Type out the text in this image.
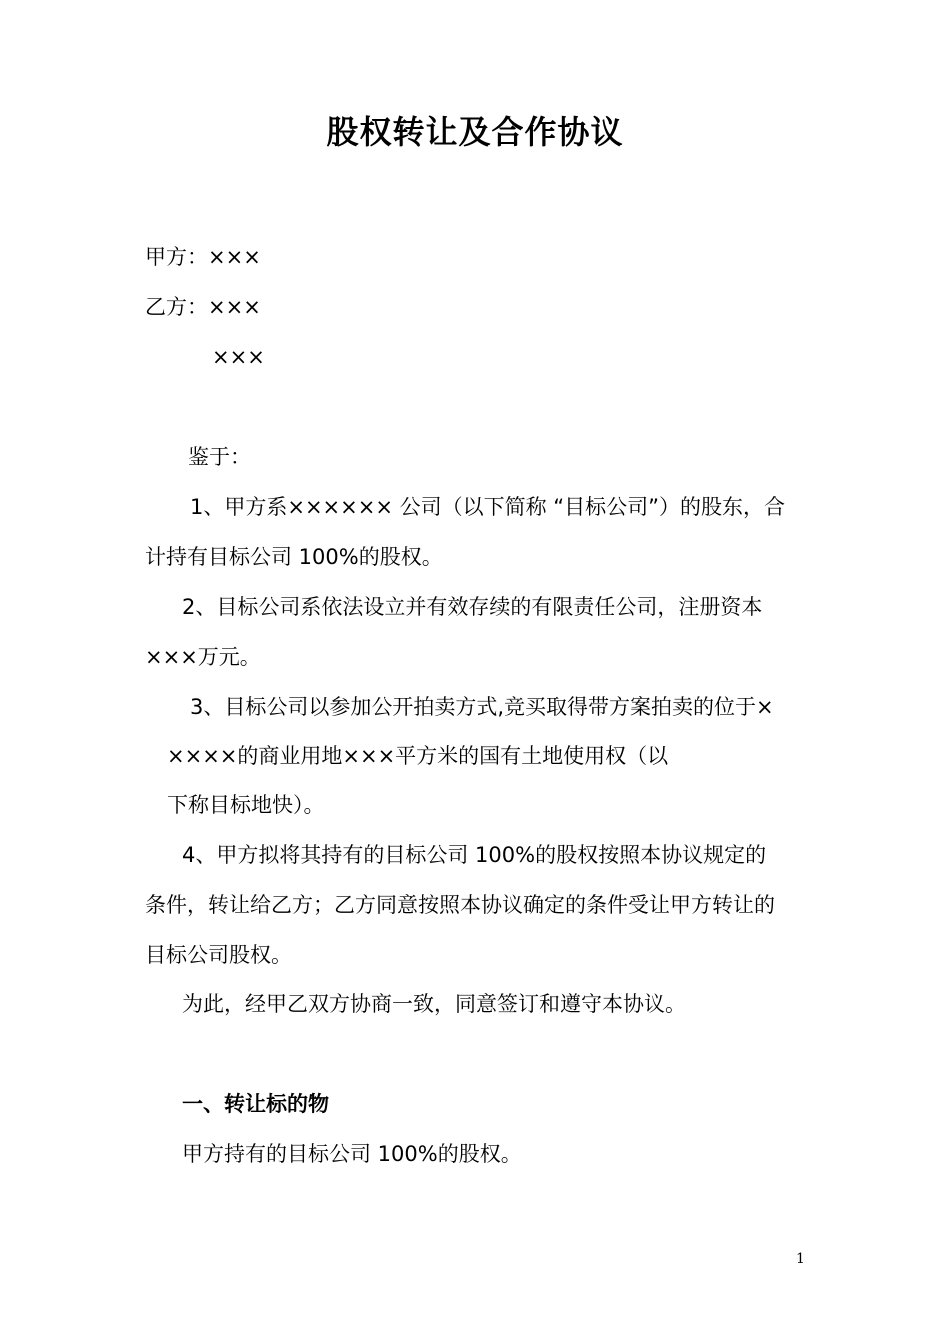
股权转让及合作协议
甲方：×××
乙方：×××
×××
鉴于：
1、甲方系×××××× 公司（以下简称 “目标公司”）的股东，合
计持有目标公司 100%的股权。
2、目标公司系依法设立并有效存续的有限责任公司，注册资本
×××万元。
3、目标公司以参加公开拍卖方式,竞买取得带方案拍卖的位于×
××××的商业用地×××平方米的国有土地使用权（以
下称目标地快）。
4、甲方拟将其持有的目标公司 100%的股权按照本协议规定的
条件，转让给乙方；乙方同意按照本协议确定的条件受让甲方转让的
目标公司股权。
为此，经甲乙双方协商一致，同意签订和遵守本协议。
一、转让标的物
甲方持有的目标公司 100%的股权。
1
